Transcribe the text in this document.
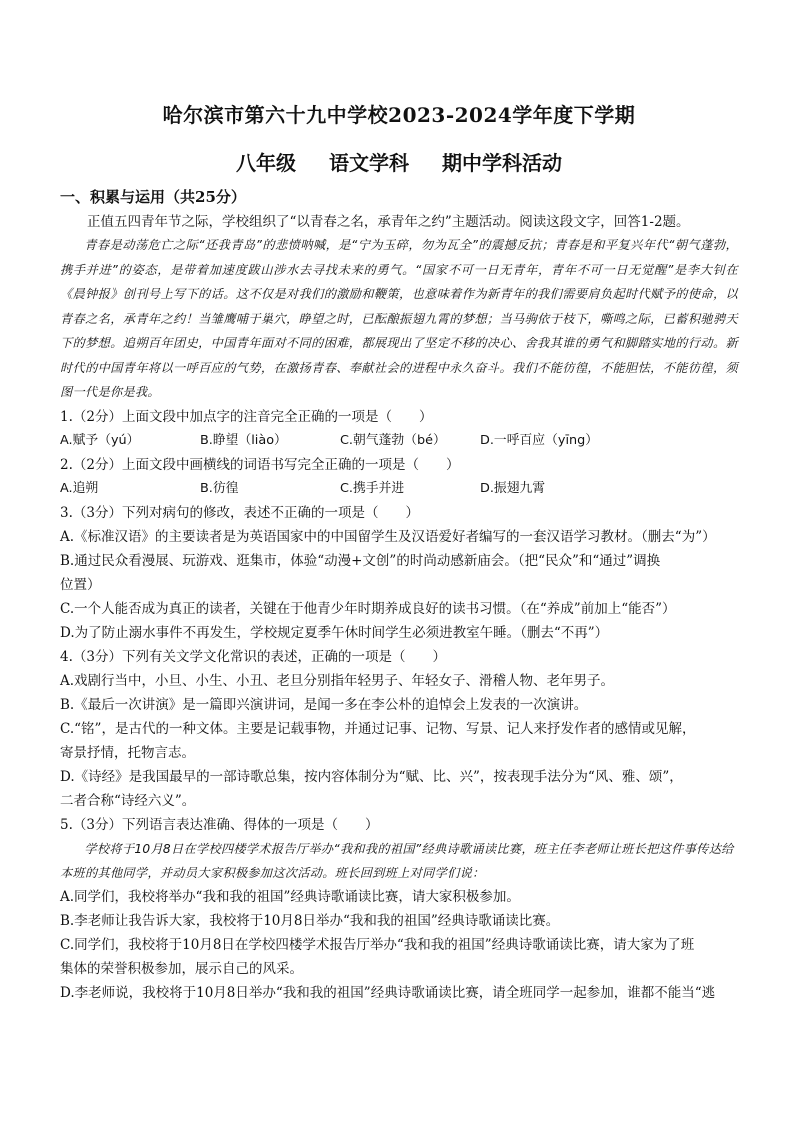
哈尔滨市第六十九中学校2023-2024学年度下学期
八年级 语文学科 期中学科活动
一、积累与运用（共25分）
正值五四青年节之际，学校组织了“以青春之名，承青年之约”主题活动。阅读这段文字，回答1-2题。
青春是动荡危亡之际“还我青岛”的悲愤呐喊，是“宁为玉碎，勿为瓦全”的震撼反抗；青春是和平复兴年代“朝气蓬勃，携手并进”的姿态，是带着加速度跋山涉水去寻找未来的勇气。“国家不可一日无青年，青年不可一日无觉醒”是李大钊在《晨钟报》创刊号上写下的话。这不仅是对我们的激励和鞭策，也意味着作为新青年的我们需要肩负起时代赋予的使命，以青春之名，承青年之约！当雏鹰哺于巢穴，睁望之时，已酝酿振翅九霄的梦想；当马驹依于枝下，嘶鸣之际，已蓄积驰骋天下的梦想。追朔百年团史，中国青年面对不同的困难，都展现出了坚定不移的决心、舍我其谁的勇气和脚踏实地的行动。新时代的中国青年将以一呼百应的气势，在激扬青春、奉献社会的进程中永久奋斗。我们不能彷徨，不能胆怯，不能彷徨，须图一代是你是我。
1.（2分）上面文段中加点字的注音完全正确的一项是（　　）
A.赋予（yú）	B.睁望（liào）	C.朝气蓬勃（bé）	D.一呼百应（yīng）
2.（2分）上面文段中画横线的词语书写完全正确的一项是（　　）
A.追朔	B.彷徨	C.携手并进	D.振翅九霄
3.（3分）下列对病句的修改，表述不正确的一项是（　　）
A.《标准汉语》的主要读者是为英语国家中的中国留学生及汉语爱好者编写的一套汉语学习教材。（删去“为”）
B.通过民众看漫展、玩游戏、逛集市，体验“动漫+文创”的时尚动感新庙会。（把“民众”和“通过”调换
位置）
C.一个人能否成为真正的读者，关键在于他青少年时期养成良好的读书习惯。（在“养成”前加上“能否”）
D.为了防止溺水事件不再发生，学校规定夏季午休时间学生必须进教室午睡。（删去“不再”）
4.（3分）下列有关文学文化常识的表述，正确的一项是（　　）
A.戏剧行当中，小旦、小生、小丑、老旦分别指年轻男子、年轻女子、滑稽人物、老年男子。
B.《最后一次讲演》是一篇即兴演讲词，是闻一多在李公朴的追悼会上发表的一次演讲。
C.“铭”，是古代的一种文体。主要是记载事物，并通过记事、记物、写景、记人来抒发作者的感情或见解，
寄景抒情，托物言志。
D.《诗经》是我国最早的一部诗歌总集，按内容体制分为“赋、比、兴”，按表现手法分为“风、雅、颂”，
二者合称“诗经六义”。
5.（3分）下列语言表达准确、得体的一项是（　　）
学校将于10月8日在学校四楼学术报告厅举办“我和我的祖国”经典诗歌诵读比赛，班主任李老师让班长把这件事传达给本班的其他同学，并动员大家积极参加这次活动。班长回到班上对同学们说：
A.同学们，我校将举办“我和我的祖国”经典诗歌诵读比赛，请大家积极参加。
B.李老师让我告诉大家，我校将于10月8日举办“我和我的祖国”经典诗歌诵读比赛。
C.同学们，我校将于10月8日在学校四楼学术报告厅举办“我和我的祖国”经典诗歌诵读比赛，请大家为了班
集体的荣誉积极参加，展示自己的风采。
D.李老师说，我校将于10月8日举办“我和我的祖国”经典诗歌诵读比赛，请全班同学一起参加，谁都不能当“逃
